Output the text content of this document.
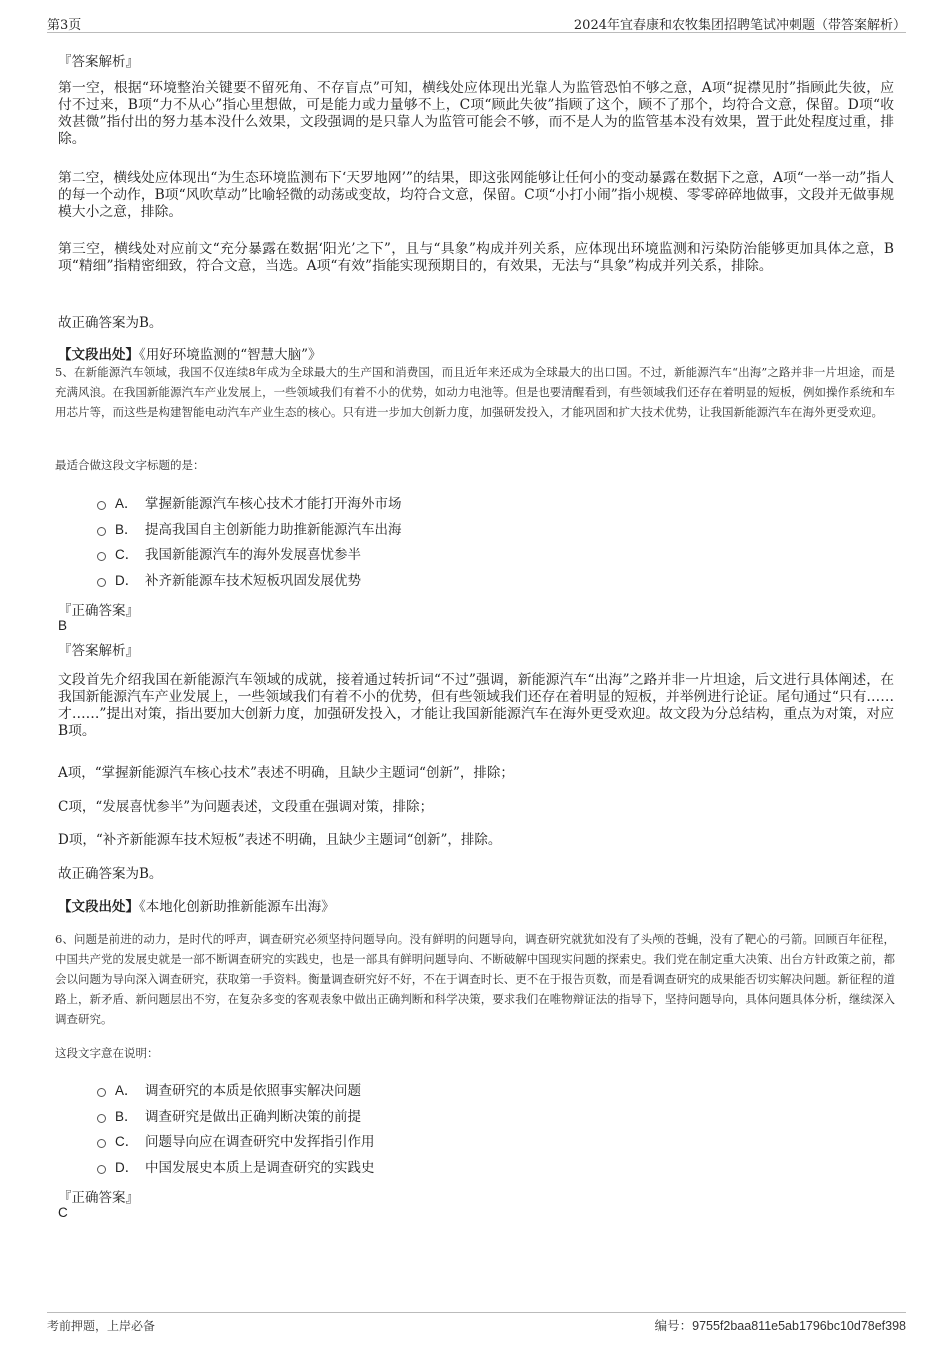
第3页	2024年宜春康和农牧集团招聘笔试冲刺题（带答案解析）
『答案解析』
第一空，根据“环境整治关键要不留死角、不存盲点”可知，横线处应体现出光靠人为监管恐怕不够之意，A项“捉襟见肘”指顾此失彼，应付不过来，B项“力不从心”指心里想做，可是能力或力量够不上，C项“顾此失彼”指顾了这个，顾不了那个，均符合文意，保留。D项“收效甚微”指付出的努力基本没什么效果，文段强调的是只靠人为监管可能会不够，而不是人为的监管基本没有效果，置于此处程度过重，排除。
第二空，横线处应体现出“为生态环境监测布下‘天罗地网’”的结果，即这张网能够让任何小的变动暴露在数据下之意，A项“一举一动”指人的每一个动作，B项“风吹草动”比喻轻微的动荡或变故，均符合文意，保留。C项“小打小闹”指小规模、零零碎碎地做事，文段并无做事规模大小之意，排除。
第三空，横线处对应前文“充分暴露在数据‘阳光’之下”，且与“具象”构成并列关系，应体现出环境监测和污染防治能够更加具体之意，B项“精细”指精密细致，符合文意，当选。A项“有效”指能实现预期目的，有效果，无法与“具象”构成并列关系，排除。
故正确答案为B。
【文段出处】《用好环境监测的“智慧大脑”》
5、在新能源汽车领域，我国不仅连续8年成为全球最大的生产国和消费国，而且近年来还成为全球最大的出口国。不过，新能源汽车“出海”之路并非一片坦途，而是充满风浪。在我国新能源汽车产业发展上，一些领域我们有着不小的优势，如动力电池等。但是也要清醒看到，有些领域我们还存在着明显的短板，例如操作系统和车用芯片等，而这些是构建智能电动汽车产业生态的核心。只有进一步加大创新力度，加强研发投入，才能巩固和扩大技术优势，让我国新能源汽车在海外更受欢迎。
最适合做这段文字标题的是：
A． 掌握新能源汽车核心技术才能打开海外市场
B． 提高我国自主创新能力助推新能源汽车出海
C． 我国新能源汽车的海外发展喜忧参半
D． 补齐新能源车技术短板巩固发展优势
『正确答案』
B
『答案解析』
文段首先介绍我国在新能源汽车领域的成就，接着通过转折词“不过”强调，新能源汽车“出海”之路并非一片坦途，后文进行具体阐述，在我国新能源汽车产业发展上，一些领域我们有着不小的优势，但有些领域我们还存在着明显的短板，并举例进行论证。尾句通过“只有……才……”提出对策，指出要加大创新力度，加强研发投入，才能让我国新能源汽车在海外更受欢迎。故文段为分总结构，重点为对策，对应B项。
A项，“掌握新能源汽车核心技术”表述不明确，且缺少主题词“创新”，排除；
C项，“发展喜忧参半”为问题表述，文段重在强调对策，排除；
D项，“补齐新能源车技术短板”表述不明确，且缺少主题词“创新”，排除。
故正确答案为B。
【文段出处】《本地化创新助推新能源车出海》
6、问题是前进的动力，是时代的呼声，调查研究必须坚持问题导向。没有鲜明的问题导向，调查研究就犹如没有了头颅的苍蝇，没有了靶心的弓箭。回顾百年征程，中国共产党的发展史就是一部不断调查研究的实践史，也是一部具有鲜明问题导向、不断破解中国现实问题的探索史。我们党在制定重大决策、出台方针政策之前，都会以问题为导向深入调查研究，获取第一手资料。衡量调查研究好不好，不在于调查时长、更不在于报告页数，而是看调查研究的成果能否切实解决问题。新征程的道路上，新矛盾、新问题层出不穷，在复杂多变的客观表象中做出正确判断和科学决策，要求我们在唯物辩证法的指导下，坚持问题导向，具体问题具体分析，继续深入调查研究。
这段文字意在说明：
A． 调查研究的本质是依照事实解决问题
B． 调查研究是做出正确判断决策的前提
C． 问题导向应在调查研究中发挥指引作用
D． 中国发展史本质上是调查研究的实践史
『正确答案』
C
考前押题，上岸必备	编号：9755f2baa811e5ab1796bc10d78ef398
